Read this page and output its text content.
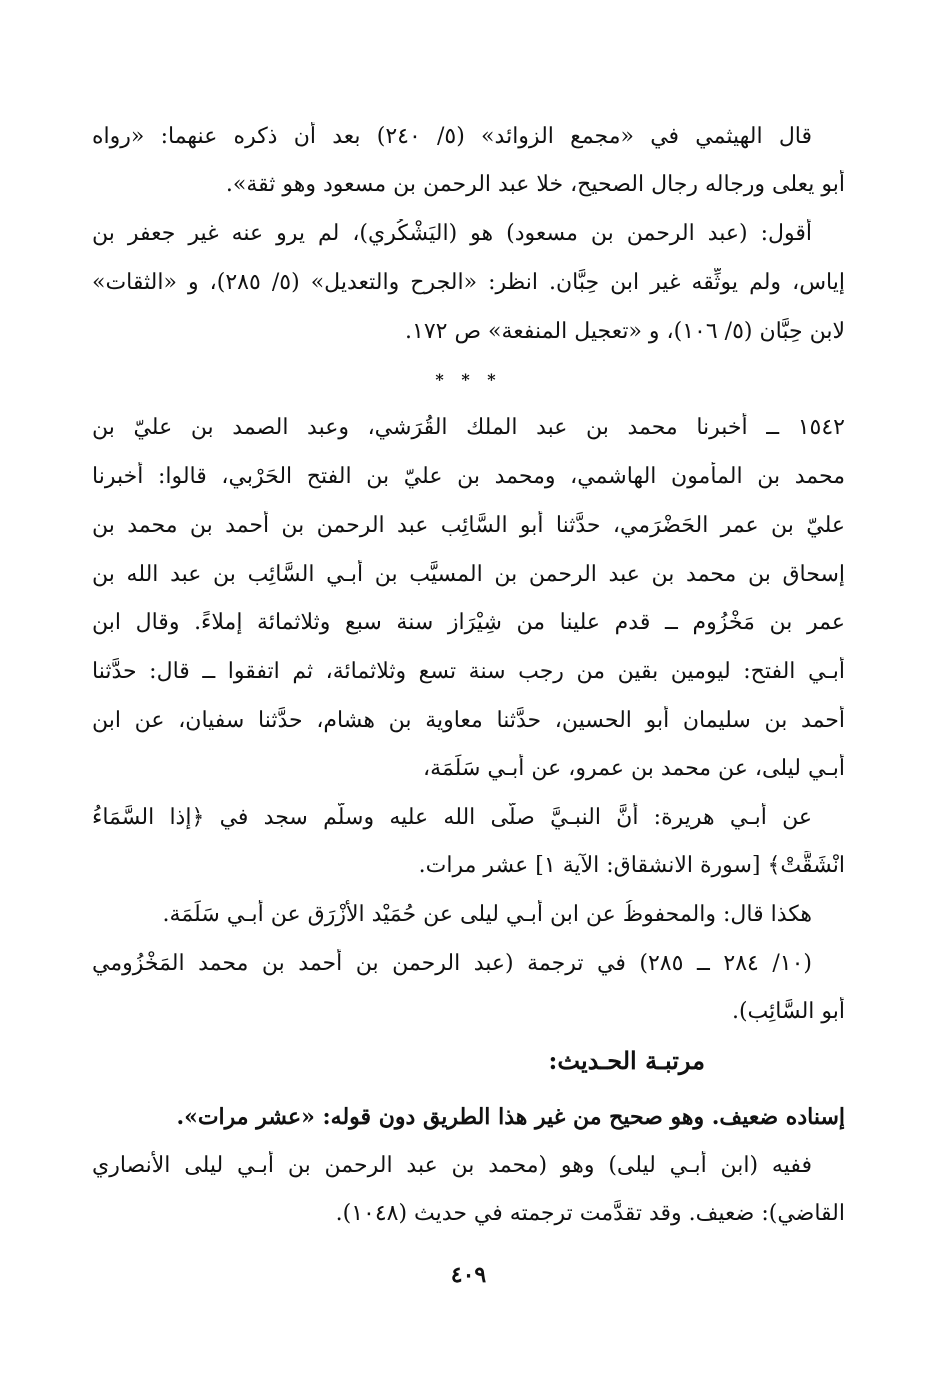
قال الهيثمي في «مجمع الزوائد» (٥/ ٢٤٠) بعد أن ذكره عنهما: «رواه
أبو يعلى ورجاله رجال الصحيح، خلا عبد الرحمن بن مسعود وهو ثقة».
أقول: (عبد الرحمن بن مسعود) هو (اليَشْكُري)، لم يرو عنه غير جعفر بن
إياس، ولم يوثِّقه غير ابن حِبَّان. انظر: «الجرح والتعديل» (٥/ ٢٨٥)، و «الثقات»
لابن حِبَّان (٥/ ١٠٦)، و «تعجيل المنفعة» ص ١٧٢.
* * *
١٥٤٢ ــ أخبرنا محمد بن عبد الملك القُرَشي، وعبد الصمد بن عليّ بن
محمد بن المأمون الهاشمي، ومحمد بن عليّ بن الفتح الحَرْبي، قالوا: أخبرنا
عليّ بن عمر الحَضْرَمي، حدَّثنا أبو السَّائِب عبد الرحمن بن أحمد بن محمد بن
إسحاق بن محمد بن عبد الرحمن بن المسيَّب بن أبـي السَّائِب بن عبد الله بن
عمر بن مَخْزُوم ــ قدم علينا من شِيْرَاز سنة سبع وثلاثمائة إملاءً. وقال ابن
أبـي الفتح: ليومين بقين من رجب سنة تسع وثلاثمائة، ثم اتفقوا ــ قال: حدَّثنا
أحمد بن سليمان أبو الحسين، حدَّثنا معاوية بن هشام، حدَّثنا سفيان، عن ابن
أبـي ليلى، عن محمد بن عمرو، عن أبـي سَلَمَة،
عن أبـي هريرة: أنَّ النبـيَّ صلَّى الله عليه وسلَّم سجد في ﴿إذا السَّمَاءُ
انْشَقَّتْ﴾ [سورة الانشقاق: الآية ١] عشر مرات.
هكذا قال: والمحفوظُ عن ابن أبـي ليلى عن حُمَيْد الأَزْرَق عن أبـي سَلَمَة.
(١٠/ ٢٨٤ ــ ٢٨٥) في ترجمة (عبد الرحمن بن أحمد بن محمد المَخْزُومي
أبو السَّائِب).
مرتبـة الحـديث:
إسناده ضعيف. وهو صحيح من غير هذا الطريق دون قوله: «عشر مرات».
ففيه (ابن أبـي ليلى) وهو (محمد بن عبد الرحمن بن أبـي ليلى الأنصاري
القاضي): ضعيف. وقد تقدَّمت ترجمته في حديث (١٠٤٨).
٤٠٩
